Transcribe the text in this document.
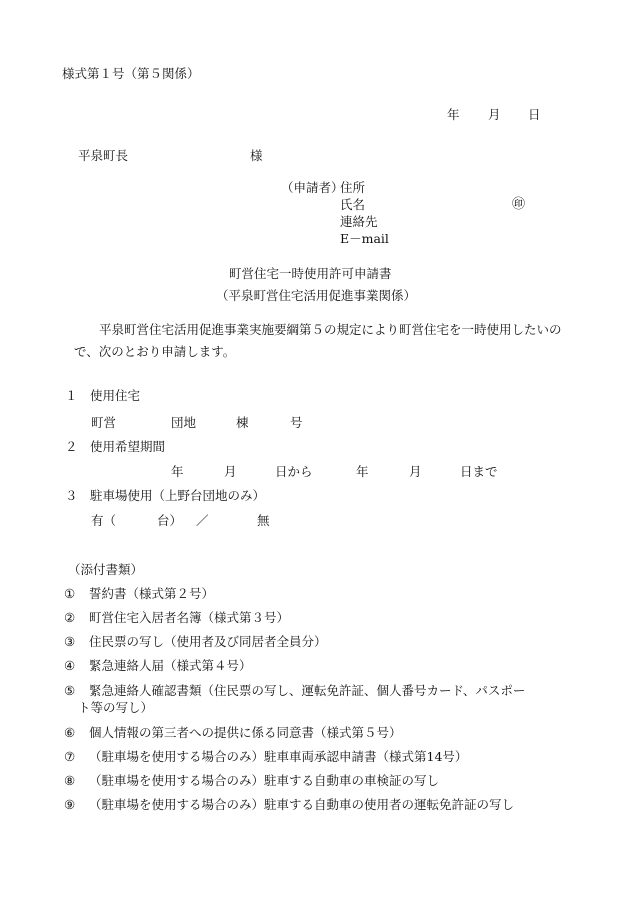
様式第１号（第５関係）
年 月 日
平泉町長	様
（申請者）
住所
氏名	㊞
連絡先
E－mail
町営住宅一時使用許可申請書
（平泉町営住宅活用促進事業関係）
平泉町営住宅活用促進事業実施要綱第５の規定により町営住宅を一時使用したいので、次のとおり申請します。
１　使用住宅
町営	団地	棟	号
２　使用希望期間
年	月	日から	年	月	日まで
３　駐車場使用（上野台団地のみ）
有（	台） ／	無
（添付書類）
① 誓約書（様式第２号）
② 町営住宅入居者名簿（様式第３号）
③ 住民票の写し（使用者及び同居者全員分）
④ 緊急連絡人届（様式第４号）
⑤ 緊急連絡人確認書類（住民票の写し、運転免許証、個人番号カード、パスポー
ト等の写し）
⑥ 個人情報の第三者への提供に係る同意書（様式第５号）
⑦ （駐車場を使用する場合のみ）駐車車両承認申請書（様式第14号）
⑧ （駐車場を使用する場合のみ）駐車する自動車の車検証の写し
⑨ （駐車場を使用する場合のみ）駐車する自動車の使用者の運転免許証の写し
